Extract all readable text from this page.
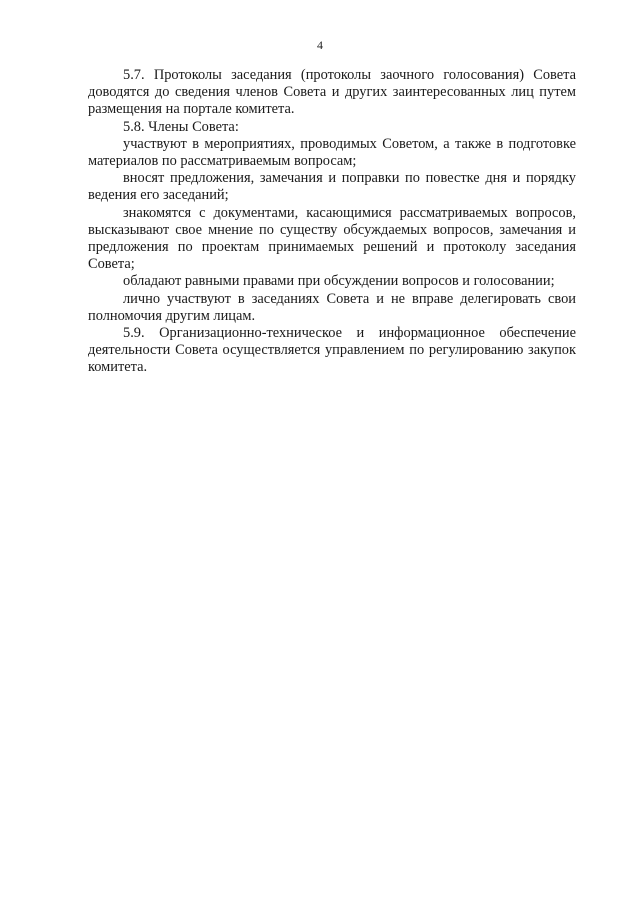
4

5.7. Протоколы заседания (протоколы заочного голосования) Совета доводятся до сведения членов Совета и других заинтересованных лиц путем размещения на портале комитета.

5.8. Члены Совета:

участвуют в мероприятиях, проводимых Советом, а также в подготовке материалов по рассматриваемым вопросам;

вносят предложения, замечания и поправки по повестке дня и порядку ведения его заседаний;

знакомятся с документами, касающимися рассматриваемых вопросов, высказывают свое мнение по существу обсуждаемых вопросов, замечания и предложения по проектам принимаемых решений и протоколу заседания Совета;

обладают равными правами при обсуждении вопросов и голосовании;

лично участвуют в заседаниях Совета и не вправе делегировать свои полномочия другим лицам.

5.9. Организационно-техническое и информационное обеспечение деятельности Совета осуществляется управлением по регулированию закупок комитета.
